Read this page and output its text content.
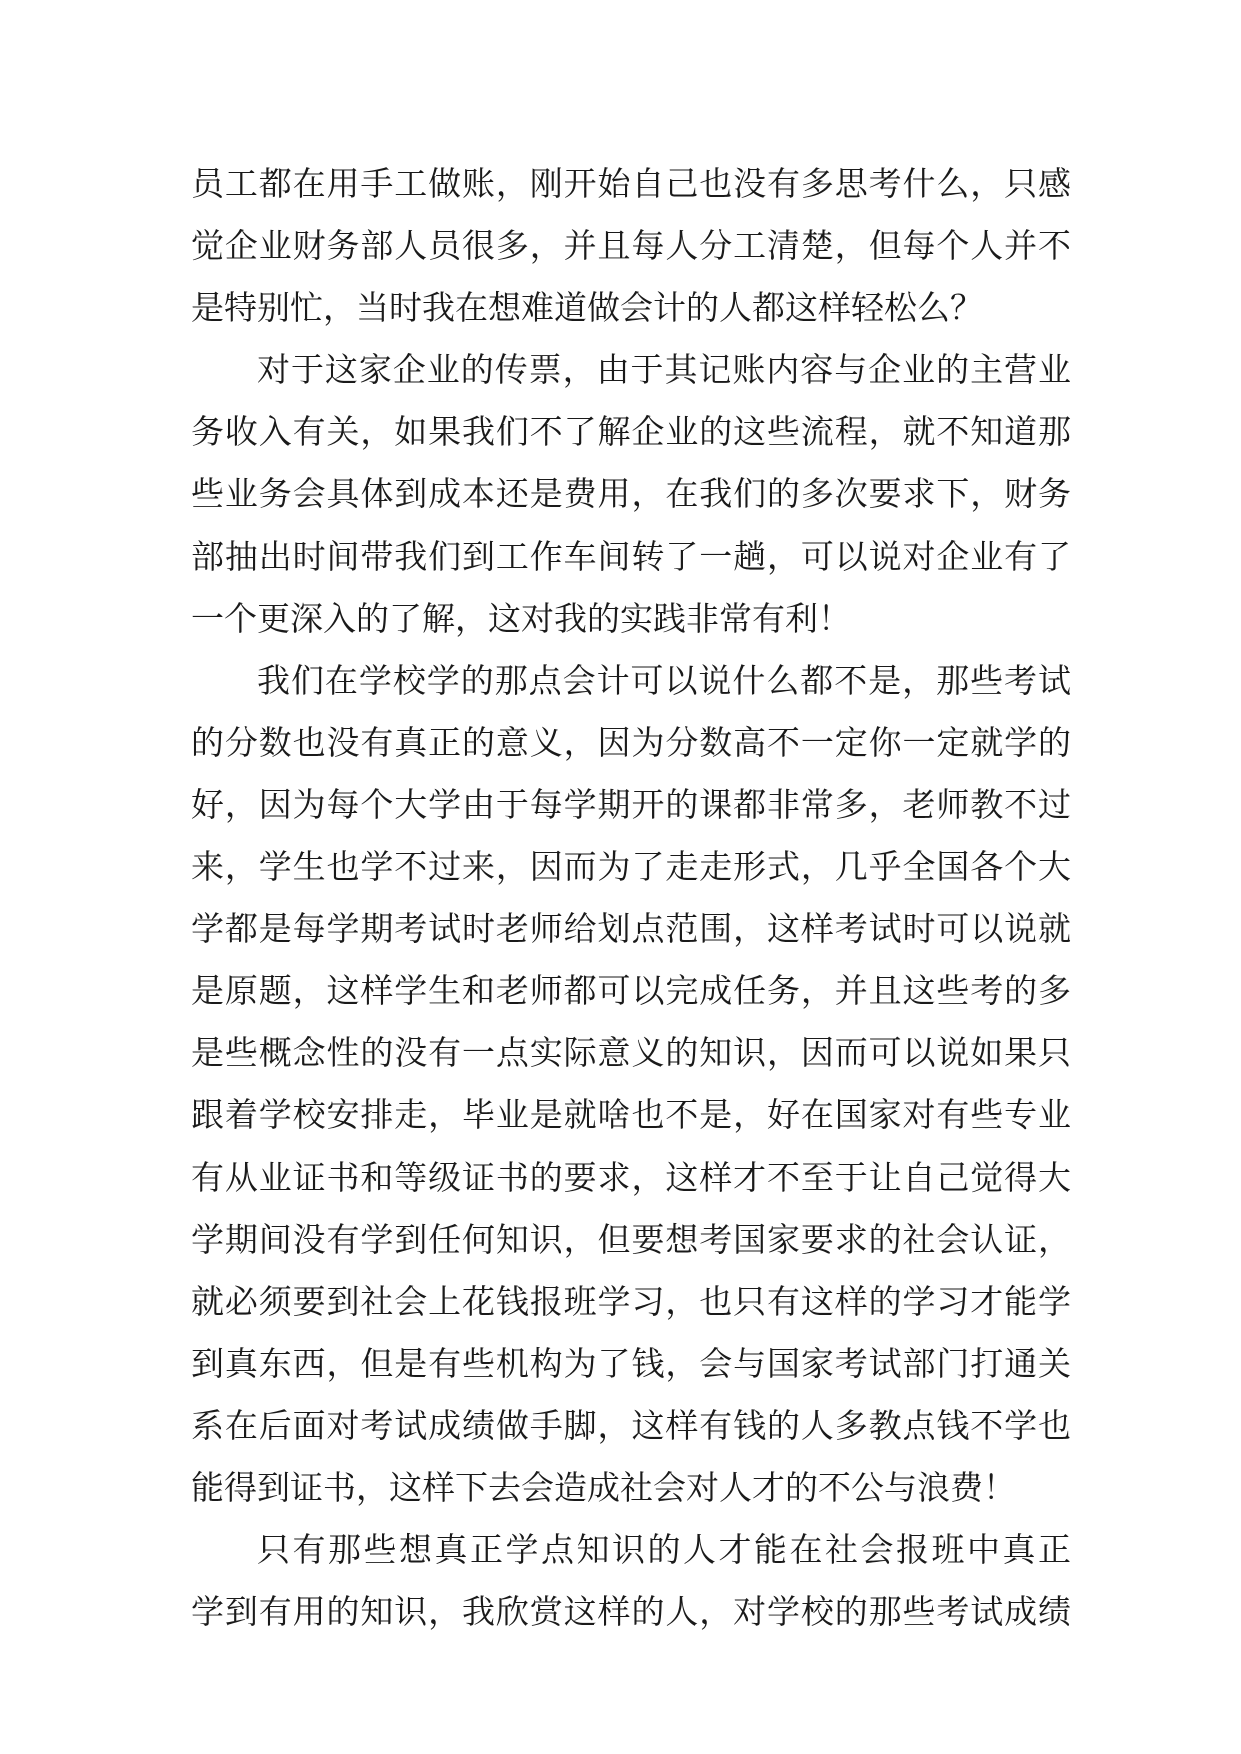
员工都在用手工做账，刚开始自己也没有多思考什么，只感
觉企业财务部人员很多，并且每人分工清楚，但每个人并不
是特别忙，当时我在想难道做会计的人都这样轻松么？
对于这家企业的传票，由于其记账内容与企业的主营业
务收入有关，如果我们不了解企业的这些流程，就不知道那
些业务会具体到成本还是费用，在我们的多次要求下，财务
部抽出时间带我们到工作车间转了一趟，可以说对企业有了
一个更深入的了解，这对我的实践非常有利！
我们在学校学的那点会计可以说什么都不是，那些考试
的分数也没有真正的意义，因为分数高不一定你一定就学的
好，因为每个大学由于每学期开的课都非常多，老师教不过
来，学生也学不过来，因而为了走走形式，几乎全国各个大
学都是每学期考试时老师给划点范围，这样考试时可以说就
是原题，这样学生和老师都可以完成任务，并且这些考的多
是些概念性的没有一点实际意义的知识，因而可以说如果只
跟着学校安排走，毕业是就啥也不是，好在国家对有些专业
有从业证书和等级证书的要求，这样才不至于让自己觉得大
学期间没有学到任何知识，但要想考国家要求的社会认证，
就必须要到社会上花钱报班学习，也只有这样的学习才能学
到真东西，但是有些机构为了钱，会与国家考试部门打通关
系在后面对考试成绩做手脚，这样有钱的人多教点钱不学也
能得到证书，这样下去会造成社会对人才的不公与浪费！
只有那些想真正学点知识的人才能在社会报班中真正
学到有用的知识，我欣赏这样的人，对学校的那些考试成绩
